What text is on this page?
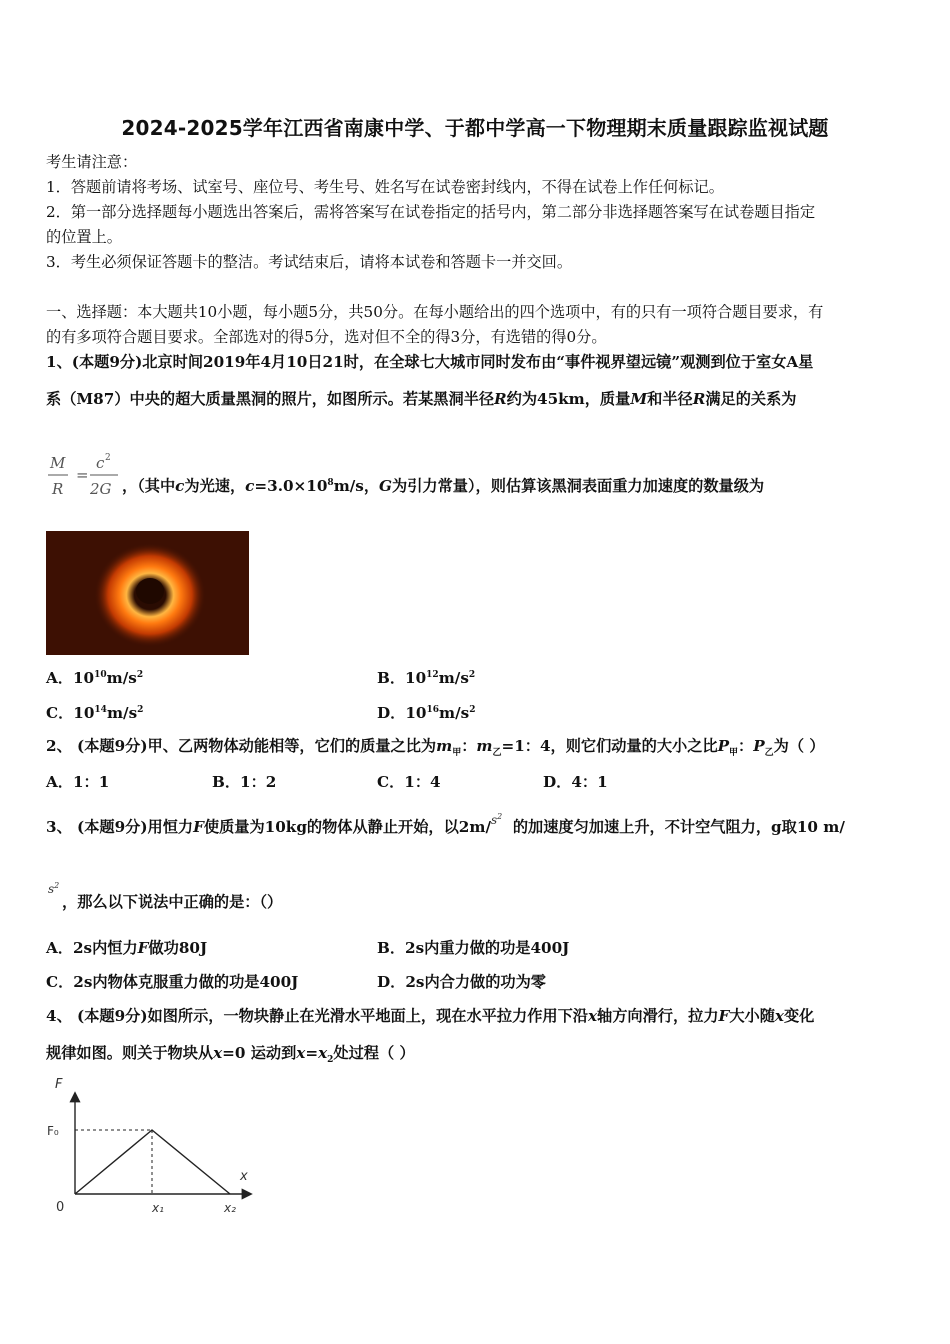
2024-2025学年江西省南康中学、于都中学高一下物理期末质量跟踪监视试题
考生请注意：
1．答题前请将考场、试室号、座位号、考生号、姓名写在试卷密封线内，不得在试卷上作任何标记。
2．第一部分选择题每小题选出答案后，需将答案写在试卷指定的括号内，第二部分非选择题答案写在试卷题目指定
的位置上。
3．考生必须保证答题卡的整洁。考试结束后，请将本试卷和答题卡一并交回。
一、选择题：本大题共10小题，每小题5分，共50分。在每小题给出的四个选项中，有的只有一项符合题目要求，有
的有多项符合题目要求。全部选对的得5分，选对但不全的得3分，有选错的得0分。
1、(本题9分)北京时间2019年4月10日21时，在全球七大城市同时发布由“事件视界望远镜”观测到位于室女A星
系（M87）中央的超大质量黑洞的照片，如图所示。若某黑洞半径R约为45km，质量M和半径R满足的关系为
M
R
=
c 2
2G ，（其中c为光速，$c=3.0\times 10^8m/s$，G为引力常量），则估算该黑洞表面重力加速度的数量级为
A．$10^{10}m/s^2$	B．$10^{12}m/s^2$
C．$10^{14}m/s^2$	D．$10^{16}m/s^2$
2、 (本题9分)甲、乙两物体动能相等，它们的质量之比为$m_甲$：$m_乙=1$：4，则它们动量的大小之比$P_甲$：$P_乙$为（ ）
A．1：1	B．1：2	C．1：4	D．4：1
3、 (本题9分)用恒力F使质量为10kg的物体从静止开始，以2m/$^{s^2}$  的加速度匀加速上升，不计空气阻力，g取10 m/
$s^2$
，那么以下说法中正确的是：（）
A．2s内恒力F做功80J	B．2s内重力做的功是400J
C．2s内物体克服重力做的功是400J	D．2s内合力做的功为零
4、 (本题9分)如图所示，一物块静止在光滑水平地面上，现在水平拉力作用下沿x轴方向滑行，拉力F大小随x变化
规律如图。则关于物块从x=0 运动到$x=x_2$处过程（ ）
F
x
F₀
0	x₁	x₂
